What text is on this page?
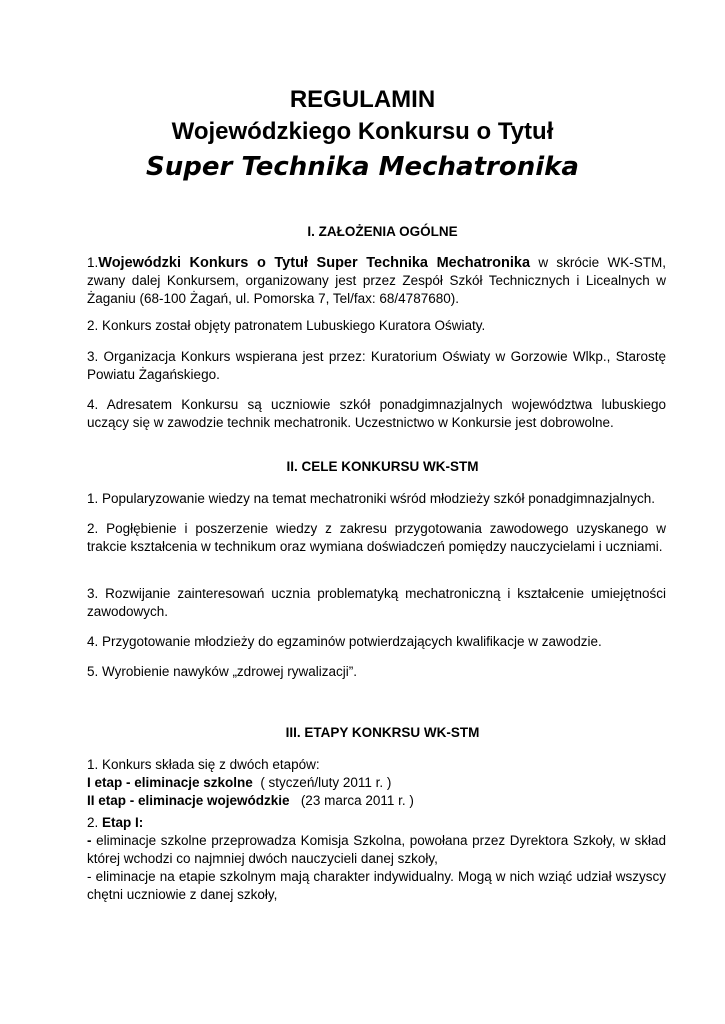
REGULAMIN
Wojewódzkiego Konkursu o Tytuł
Super Technika Mechatronika
I. ZAŁOŻENIA OGÓLNE
1.Wojewódzki Konkurs o Tytuł Super Technika Mechatronika w skrócie WK-STM, zwany dalej Konkursem, organizowany jest przez Zespół Szkół Technicznych i Licealnych w Żaganiu (68-100 Żagań, ul. Pomorska 7, Tel/fax: 68/4787680).
2. Konkurs został objęty patronatem Lubuskiego Kuratora Oświaty.
3. Organizacja Konkurs wspierana jest przez: Kuratorium Oświaty w Gorzowie Wlkp., Starostę Powiatu Żagańskiego.
4. Adresatem Konkursu są uczniowie szkół ponadgimnazjalnych województwa lubuskiego uczący się w zawodzie technik mechatronik. Uczestnictwo w Konkursie jest dobrowolne.
II. CELE KONKURSU WK-STM
1. Popularyzowanie wiedzy na temat mechatroniki wśród młodzieży szkół ponadgimnazjalnych.
2. Pogłębienie i poszerzenie wiedzy z zakresu przygotowania zawodowego uzyskanego w trakcie kształcenia w technikum oraz wymiana doświadczeń pomiędzy nauczycielami i uczniami.
3. Rozwijanie zainteresowań ucznia problematyką mechatroniczną i kształcenie umiejętności zawodowych.
4. Przygotowanie młodzieży do egzaminów potwierdzających kwalifikacje w zawodzie.
5. Wyrobienie nawyków „zdrowej rywalizacji”.
III. ETAPY KONKRSU WK-STM
1. Konkurs składa się z dwóch etapów:
I etap - eliminacje szkolne  ( styczeń/luty 2011 r. )
II etap - eliminacje wojewódzkie   (23 marca 2011 r. )
2. Etap I:
- eliminacje szkolne przeprowadza Komisja Szkolna, powołana przez Dyrektora Szkoły, w skład której wchodzi co najmniej dwóch nauczycieli danej szkoły,
- eliminacje na etapie szkolnym mają charakter indywidualny. Mogą w nich wziąć udział wszyscy chętni uczniowie z danej szkoły,
